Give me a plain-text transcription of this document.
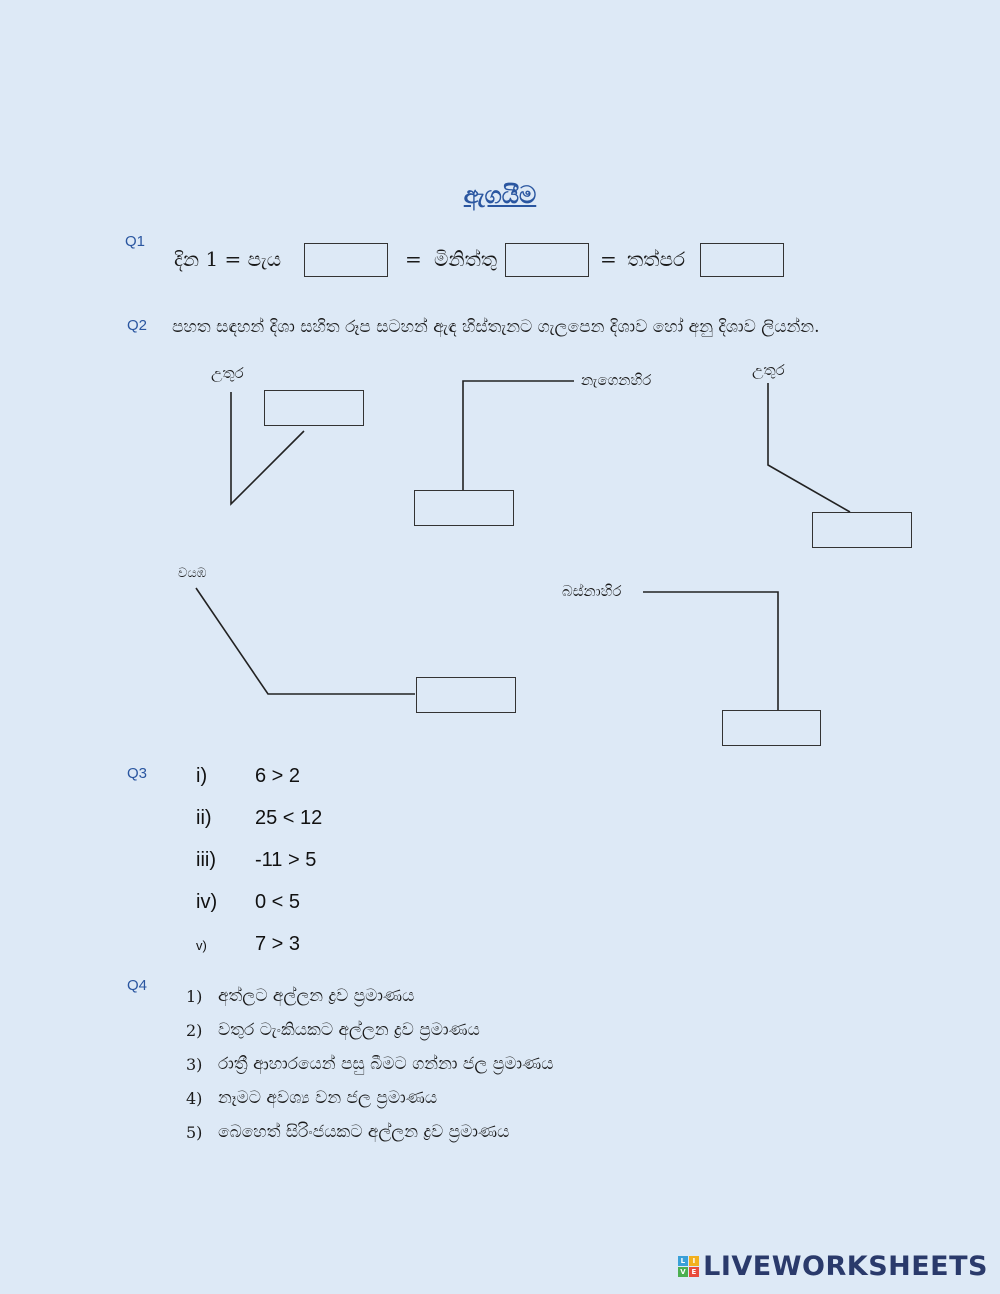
ඇගයීම
Q1
දින 1 = පැය	= මිනිත්තු	= තත්පර
Q2 පහත සඳහන් දිශා සහිත රූප සටහන් ඇඳ හිස්තැනට ගැලපෙන දිශාව හෝ අනු දිශාව ලියන්න.
උතුර	නැගෙනහිර
උතුර
වයඹ
බස්නාහිර
Q3 i) 6 > 2
ii) 25 < 12
iii) -11 > 5
iv) 0 < 5
v) 7 > 3
Q4
1) අත්ලට අල්ලන ද්‍රව ප්‍රමාණය
2) වතුර ටැංකියකට අල්ලන ද්‍රව ප්‍රමාණය
3) රාත්‍රී ආහාරයෙන් පසු බීමට ගන්නා ජල ප්‍රමාණය
4) නෑමට අවශ්‍ය වන ජල ප්‍රමාණය
5) බෙහෙත් සිරිංජයකට අල්ලන ද්‍රව ප්‍රමාණය
L I
V E LIVEWORKSHEETS
